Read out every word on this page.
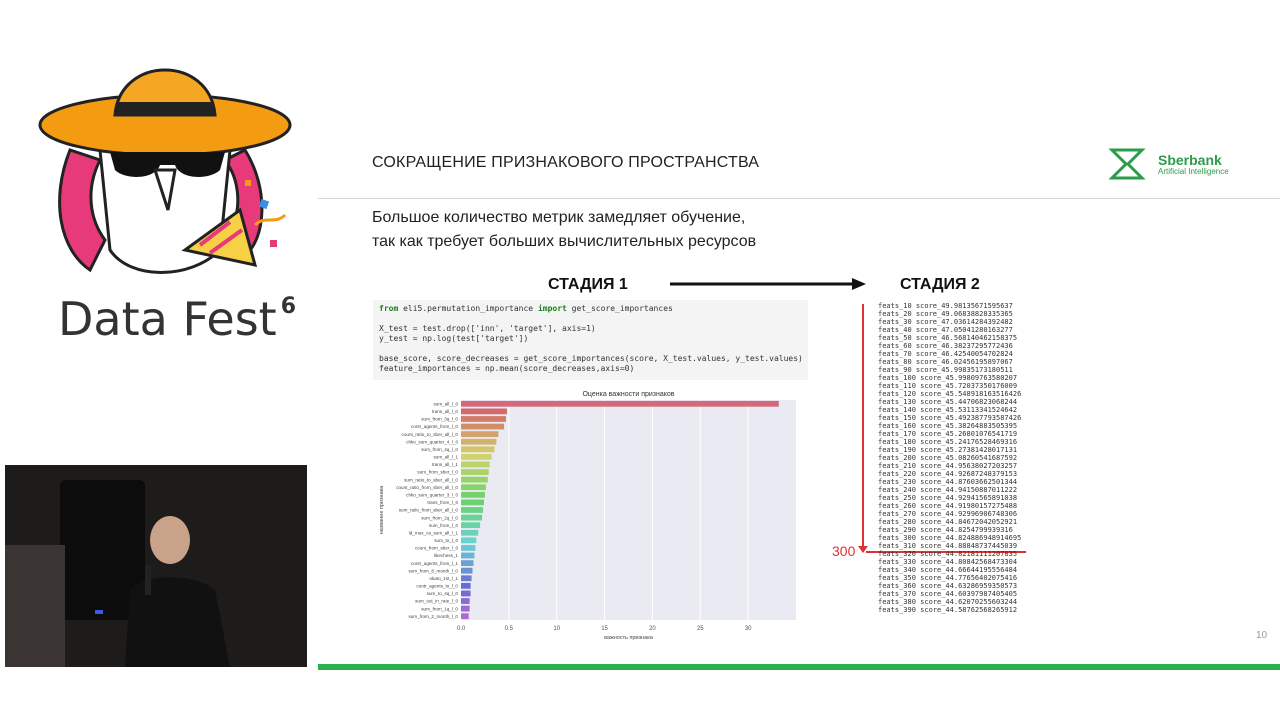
Data Fest $^6$
СОКРАЩЕНИЕ ПРИЗНАКОВОГО ПРОСТРАНСТВА	Sberbank
Artificial Intelligence
Большое количество метрик замедляет обучение,
так как требует больших вычислительных ресурсов
СТАДИЯ 1	СТАДИЯ 2
from eli5.permutation_importance import get_score_importances
X_test = test.drop(['inn', 'target'], axis=1)
y_test = np.log(test['target'])
base_score, score_decreases = get_score_importances(score, X_test.values, y_test.values)
feature_importances = np.mean(score_decreases,axis=0)
0.0	0.5	10	15	20	25	30
sum_all_l_0
trans_all_l_0
sum_from_3q_l_0
contr_agents_from_l_0
count_ratio_to_sber_all_l_0
chko_sum_quarter_4_l_0
sum_from_4q_l_0
sum_all_l_1
trans_all_l_1
sum_from_sber_l_0
sum_ratio_to_sber_all_l_0
count_ratio_from_sber_all_l_0
chko_sum_quarter_3_l_0
trans_from_l_0
sum_ratio_from_sber_all_l_0
sum_from_2q_l_0
sum_from_l_0
ld_max_ca_sum_all_l_1
sum_to_l_0
count_from_sber_l_0
likechess_1
contr_agents_from_l_1
sum_from_8_month_l_0
okato_1st_l_1
contr_agents_to_l_0
sum_to_4q_l_0
sum_out_in_rate_l_0
sum_from_1q_l_0
sum_from_2_month_l_0
Оценка важности признаков
важность признака
название признака
300
feats_10 score_49.98135671595637
feats_20 score_49.06838828335365
feats_30 score_47.03614284392482
feats_40 score_47.05041280163277
feats_50 score_46.568140462158375
feats_60 score_46.38237295772436
feats_70 score_46.42540054702824
feats_80 score_46.02456195897067
feats_90 score_45.99835173180511
feats_100 score_45.99809763580207
feats_110 score_45.72037350176009
feats_120 score_45.548918163516426
feats_130 score_45.44706823068244
feats_140 score_45.53113341524642
feats_150 score_45.492387793587426
feats_160 score_45.38264883505395
feats_170 score_45.26801076541719
feats_180 score_45.24176528469316
feats_190 score_45.27381428017131
feats_200 score_45.08260541687592
feats_210 score_44.95638027203257
feats_220 score_44.92687248379153
feats_230 score_44.87603662501344
feats_240 score_44.94150887011222
feats_250 score_44.92941565891038
feats_260 score_44.91980157275488
feats_270 score_44.92996906748306
feats_280 score_44.84672042052921
feats_290 score_44.8254799939316
feats_300 score_44.824886948914695
feats_310 score_44.88848737445039
feats_320 score_44.82181111207835
feats_330 score_44.80842568473304
feats_340 score_44.66644195556484
feats_350 score_44.77656402075416
feats_360 score_44.63286959350573
feats_370 score_44.60397987405405
feats_380 score_44.62070255603244
feats_390 score_44.58762568265912
10
